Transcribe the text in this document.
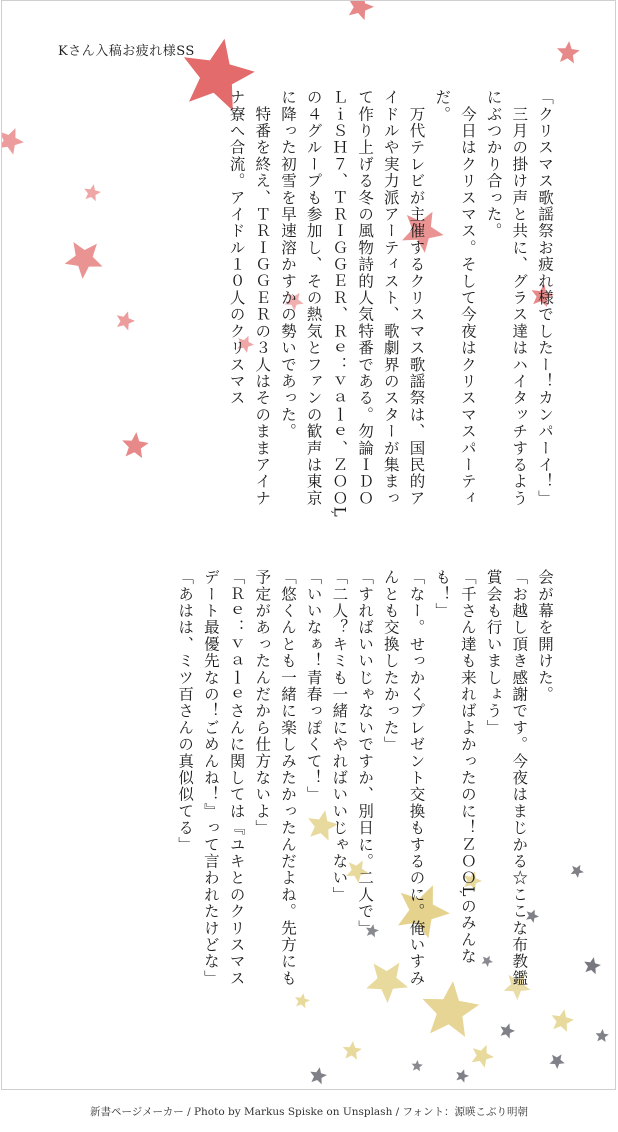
Kさん入稿お疲れ様SS
「クリスマス歌謡祭お疲れ様でしたー！カンパーイ！」
　三月の掛け声と共に、グラス達はハイタッチするようにぶつかり合った。
　今日はクリスマス。そして今夜はクリスマスパーティだ。
　万代テレビが主催するクリスマス歌謡祭は、国民的アイドルや実力派アーティスト、歌劇界のスターが集まって作り上げる冬の風物詩的人気特番である。勿論ＩＤＯＬｉＳＨ７、ＴＲＩＧＧＥＲ、Ｒｅ：ｖａｌｅ、ＺＯＯĻの４グループも参加し、その熱気とファンの歓声は東京に降った初雪を早速溶かすかの勢いであった。
　特番を終え、ＴＲＩＧＧＥＲの３人はそのままアイナナ寮へ合流。アイドル１０人のクリスマス
会が幕を開けた。
「お越し頂き感謝です。今夜はまじかる☆ここな布教鑑賞会も行いましょう」
「千さん達も来ればよかったのに！ＺＯＯĻのみんなも！」
「なー。せっかくプレゼント交換もするのに。俺いすみんとも交換したかった」
「すればいいじゃないですか、別日に。二人で」
「二人？キミも一緒にやればいいじゃない」
「いいなぁ！青春っぽくて！」
「悠くんとも一緒に楽しみたかったんだよね。先方にも予定があったんだから仕方ないよ」
「Ｒｅ：ｖａｌｅさんに関しては『ユキとのクリスマスデート最優先なの！ごめんね！』って言われたけどな」
「あはは、ミツ百さんの真似似てる」
新書ページメーカー / Photo by Markus Spiske on Unsplash / フォント：源暎こぶり明朝
